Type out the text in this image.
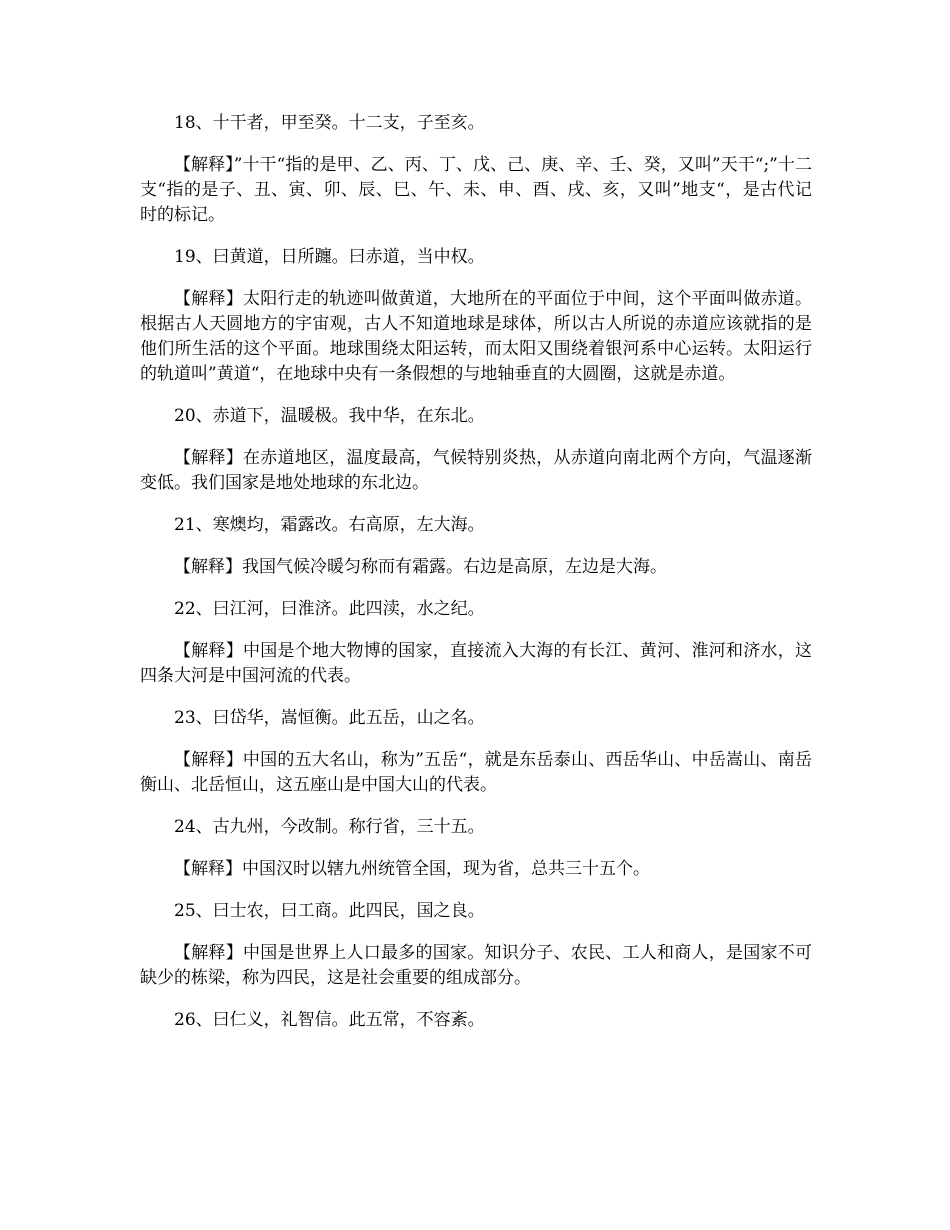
18、十干者，甲至癸。十二支，子至亥。

【解释】”十干“指的是甲、乙、丙、丁、戊、己、庚、辛、壬、癸，又叫”天干“;”十二支“指的是子、丑、寅、卯、辰、巳、午、未、申、酉、戌、亥，又叫”地支“，是古代记时的标记。

19、曰黄道，日所躔。曰赤道，当中权。

【解释】太阳行走的轨迹叫做黄道，大地所在的平面位于中间，这个平面叫做赤道。根据古人天圆地方的宇宙观，古人不知道地球是球体，所以古人所说的赤道应该就指的是他们所生活的这个平面。地球围绕太阳运转，而太阳又围绕着银河系中心运转。太阳运行的轨道叫”黄道“，在地球中央有一条假想的与地轴垂直的大圆圈，这就是赤道。

20、赤道下，温暖极。我中华，在东北。

【解释】在赤道地区，温度最高，气候特别炎热，从赤道向南北两个方向，气温逐渐变低。我们国家是地处地球的东北边。

21、寒燠均，霜露改。右高原，左大海。

【解释】我国气候冷暖匀称而有霜露。右边是高原，左边是大海。

22、曰江河，曰淮济。此四渎，水之纪。

【解释】中国是个地大物博的国家，直接流入大海的有长江、黄河、淮河和济水，这四条大河是中国河流的代表。

23、曰岱华，嵩恒衡。此五岳，山之名。

【解释】中国的五大名山，称为”五岳“，就是东岳泰山、西岳华山、中岳嵩山、南岳衡山、北岳恒山，这五座山是中国大山的代表。

24、古九州，今改制。称行省，三十五。

【解释】中国汉时以辖九州统管全国，现为省，总共三十五个。

25、曰士农，曰工商。此四民，国之良。

【解释】中国是世界上人口最多的国家。知识分子、农民、工人和商人，是国家不可缺少的栋梁，称为四民，这是社会重要的组成部分。

26、曰仁义，礼智信。此五常，不容紊。
